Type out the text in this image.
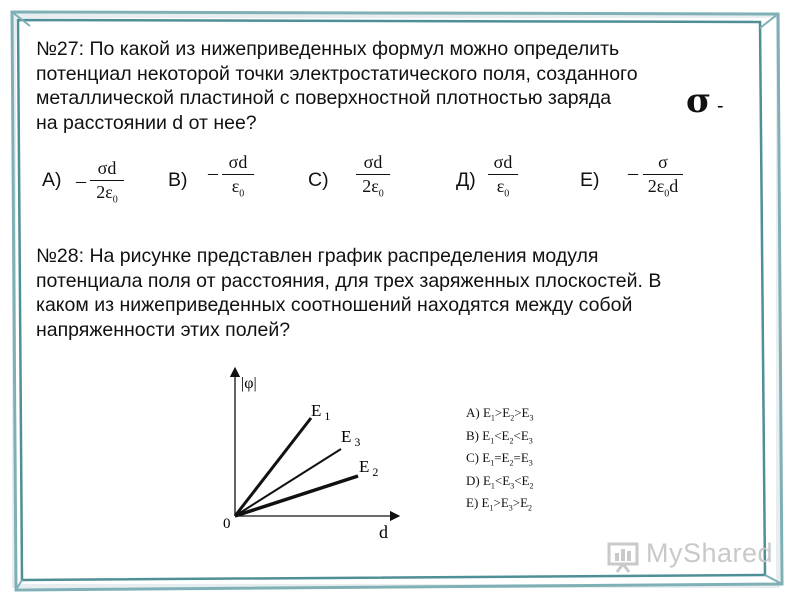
№27: По какой из нижеприведенных формул можно определить
потенциал некоторой точки электростатического поля, созданного
металлической пластиной с поверхностной плотностью заряда
на расстоянии d от нее?
σ -
А) –
σd
$2\varepsilon_0$
В) – σd
$\varepsilon_0$
С)
σd
$2\varepsilon_0$
Д)
σd
$\varepsilon_0$
Е) –	σ
$2\varepsilon_0d$
№28: На рисунке представлен график распределения модуля
потенциала поля от расстояния, для трех заряженных плоскостей. В
каком из нижеприведенных соотношений находятся между собой
напряженности этих полей?
|φ|
d
0
E $_1$
E $_3$
E $_2$
A) $E_1>E_2>E_3$
B) $E_1<E_2<E_3$
C) $E_1=E_2=E_3$
D) $E_1<E_3<E_2$
E) $E_1>E_3>E_2$
MyShared
